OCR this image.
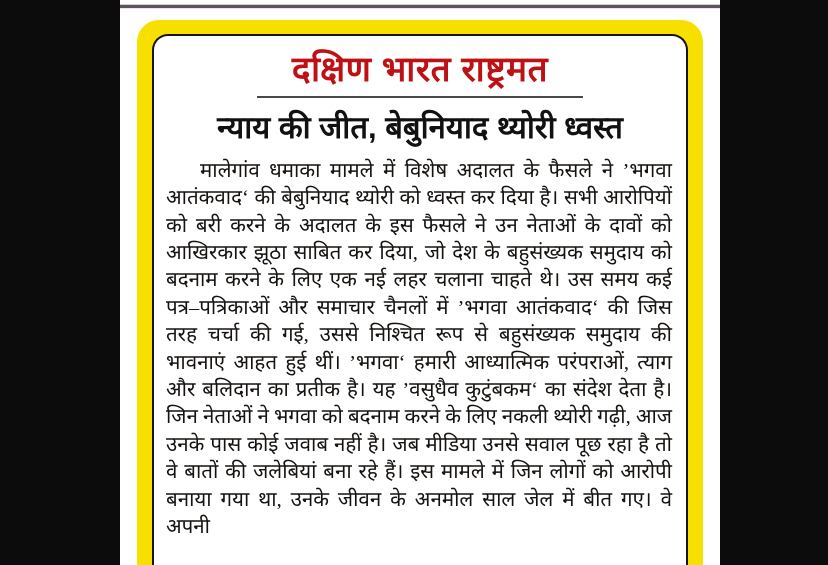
दक्षिण भारत राष्ट्रमत
न्याय की जीत, बेबुनियाद थ्योरी ध्वस्त

मालेगांव धमाका मामले में विशेष अदालत के फैसले ने ’भगवा आतंकवाद‘ की बेबुनियाद थ्योरी को ध्वस्त कर दिया है। सभी आरोपियों को बरी करने के अदालत के इस फैसले ने उन नेताओं के दावों को आखिरकार झूठा साबित कर दिया, जो देश के बहुसंख्यक समुदाय को बदनाम करने के लिए एक नई लहर चलाना चाहते थे। उस समय कई पत्र–पत्रिकाओं और समाचार चैनलों में ’भगवा आतंकवाद‘ की जिस तरह चर्चा की गई, उससे निश्चित रूप से बहुसंख्यक समुदाय की भावनाएं आहत हुई थीं। ’भगवा‘ हमारी आध्यात्मिक परंपराओं, त्याग और बलिदान का प्रतीक है। यह ’वसुधैव कुटुंबकम‘ का संदेश देता है। जिन नेताओं ने भगवा को बदनाम करने के लिए नकली थ्योरी गढ़ी, आज उनके पास कोई जवाब नहीं है। जब मीडिया उनसे सवाल पूछ रहा है तो वे बातों की जलेबियां बना रहे हैं। इस मामले में जिन लोगों को आरोपी बनाया गया था, उनके जीवन के अनमोल साल जेल में बीत गए। वे अपनी
